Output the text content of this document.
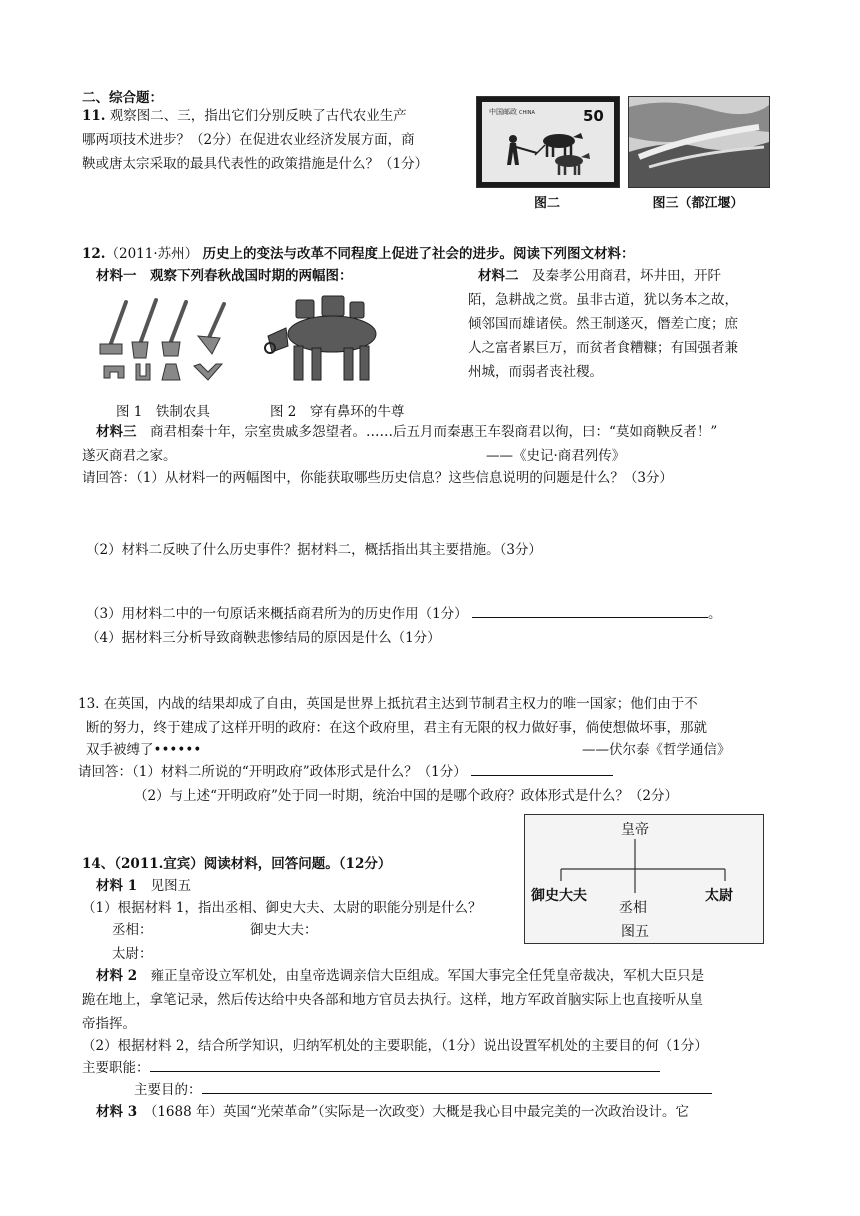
二、综合题：
11. 观察图二、三，指出它们分别反映了古代农业生产
哪两项技术进步？（2分）在促进农业经济发展方面，商
鞅或唐太宗采取的最具代表性的政策措施是什么？（1分）
中国邮政 CHINA	50
图二	图三（都江堰）
12.（2011·苏州） 历史上的变法与改革不同程度上促进了社会的进步。阅读下列图文材料：
材料一　 观察下列春秋战国时期的两幅图：	材料二　 及秦孝公用商君，坏井田，开阡
陌，急耕战之赏。虽非古道，犹以务本之故，
倾邻国而雄诸侯。然王制遂灭，僭差亡度；庶
人之富者累巨万，而贫者食糟糠；有国强者兼
州城，而弱者丧社稷。
图 1　铁制农具	图 2　穿有鼻环的牛尊
材料三　 商君相秦十年，宗室贵戚多怨望者。……后五月而秦惠王车裂商君以徇，曰：“莫如商鞅反者！”
遂灭商君之家。	——《史记·商君列传》
请回答：（1）从材料一的两幅图中，你能获取哪些历史信息？这些信息说明的问题是什么？（3分）
（2）材料二反映了什么历史事件？据材料二，概括指出其主要措施。（3分）
（3）用材料二中的一句原话来概括商君所为的历史作用（1分）	。
（4）据材料三分析导致商鞅悲惨结局的原因是什么（1分）
13. 在英国，内战的结果却成了自由，英国是世界上抵抗君主达到节制君主权力的唯一国家；他们由于不
断的努力，终于建成了这样开明的政府：在这个政府里，君主有无限的权力做好事，倘使想做坏事，那就
双手被缚了••••••	——伏尔泰《哲学通信》
请回答：（1）材料二所说的“开明政府”政体形式是什么？（1分）
（2）与上述“开明政府”处于同一时期，统治中国的是哪个政府？政体形式是什么？（2分）
14、（2011.宜宾）阅读材料，回答问题。（12分）
材料 1　 见图五
（1）根据材料 1，指出丞相、御史大夫、太尉的职能分别是什么？
丞相：	御史大夫：
太尉：
皇帝
御史大夫
丞相
太尉
图五
材料 2　 雍正皇帝设立军机处，由皇帝选调亲信大臣组成。军国大事完全任凭皇帝裁决，军机大臣只是
跪在地上，拿笔记录，然后传达给中央各部和地方官员去执行。这样，地方军政首脑实际上也直接听从皇
帝指挥。
（2）根据材料 2，结合所学知识，归纳军机处的主要职能，（1分）说出设置军机处的主要目的何（1分）
主要职能：
主要目的：
材料 3　 （1688 年）英国“光荣革命”（实际是一次政变）大概是我心目中最完美的一次政治设计。它
